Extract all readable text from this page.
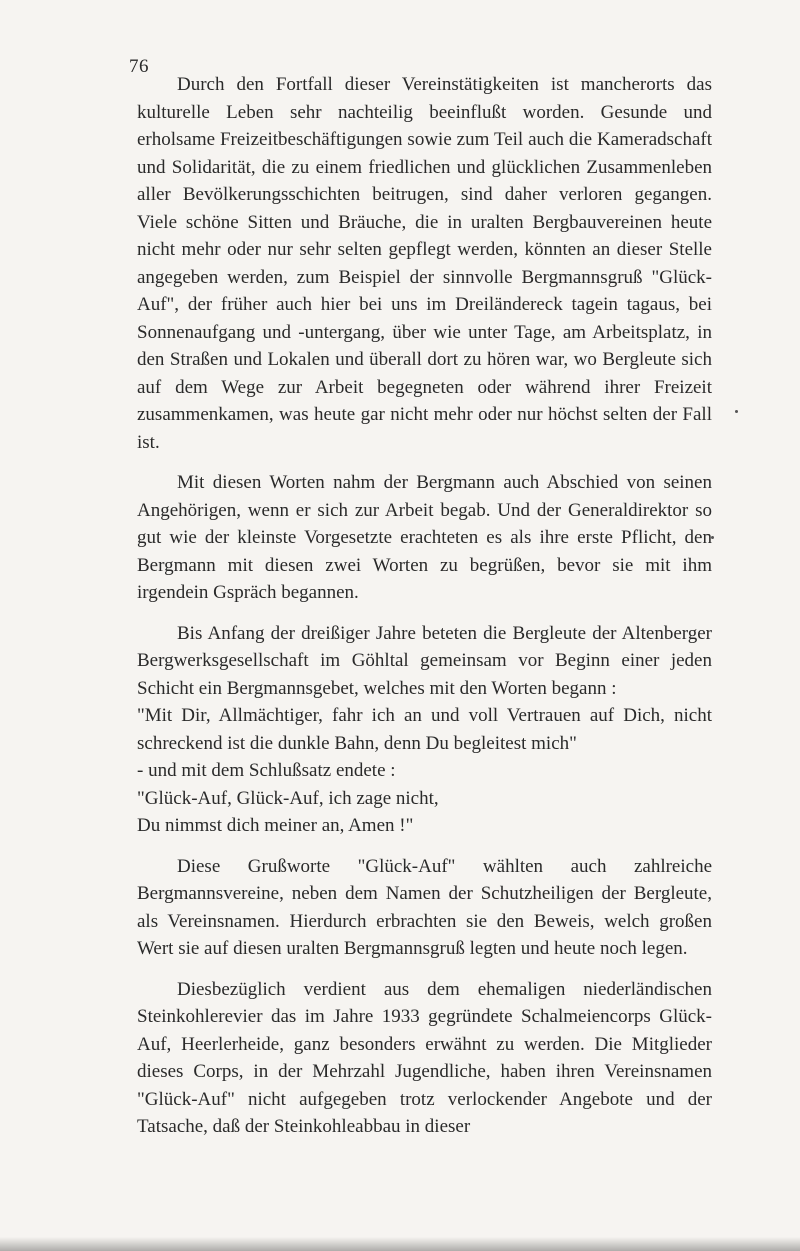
76

Durch den Fortfall dieser Vereinstätigkeiten ist mancherorts das kulturelle Leben sehr nachteilig beeinflußt worden. Gesunde und erholsame Freizeitbeschäftigungen sowie zum Teil auch die Kameradschaft und Solidarität, die zu einem friedlichen und glücklichen Zusammenleben aller Bevölkerungsschichten beitrugen, sind daher verloren gegangen. Viele schöne Sitten und Bräuche, die in uralten Bergbauvereinen heute nicht mehr oder nur sehr selten gepflegt werden, könnten an dieser Stelle angegeben werden, zum Beispiel der sinnvolle Bergmannsgruß "Glück-Auf", der früher auch hier bei uns im Dreiländereck tagein tagaus, bei Sonnenaufgang und -untergang, über wie unter Tage, am Arbeitsplatz, in den Straßen und Lokalen und überall dort zu hören war, wo Bergleute sich auf dem Wege zur Arbeit begegneten oder während ihrer Freizeit zusammenkamen, was heute gar nicht mehr oder nur höchst selten der Fall ist.

Mit diesen Worten nahm der Bergmann auch Abschied von seinen Angehörigen, wenn er sich zur Arbeit begab. Und der Generaldirektor so gut wie der kleinste Vorgesetzte erachteten es als ihre erste Pflicht, den Bergmann mit diesen zwei Worten zu begrüßen, bevor sie mit ihm irgendein Gspräch begannen.

Bis Anfang der dreißiger Jahre beteten die Bergleute der Altenberger Bergwerksgesellschaft im Göhltal gemeinsam vor Beginn einer jeden Schicht ein Bergmannsgebet, welches mit den Worten begann :

"Mit Dir, Allmächtiger, fahr ich an und voll Vertrauen auf Dich, nicht schreckend ist die dunkle Bahn, denn Du begleitest mich"

- und mit dem Schlußsatz endete :

"Glück-Auf, Glück-Auf, ich zage nicht,

Du nimmst dich meiner an, Amen !"

Diese Grußworte "Glück-Auf" wählten auch zahlreiche Bergmannsvereine, neben dem Namen der Schutzheiligen der Bergleute, als Vereinsnamen. Hierdurch erbrachten sie den Beweis, welch großen Wert sie auf diesen uralten Bergmannsgruß legten und heute noch legen.

Diesbezüglich verdient aus dem ehemaligen niederländischen Steinkohlerevier das im Jahre 1933 gegründete Schalmeiencorps Glück-Auf, Heerlerheide, ganz besonders erwähnt zu werden. Die Mitglieder dieses Corps, in der Mehrzahl Jugendliche, haben ihren Vereinsnamen "Glück-Auf" nicht aufgegeben trotz verlockender Angebote und der Tatsache, daß der Steinkohleabbau in dieser
